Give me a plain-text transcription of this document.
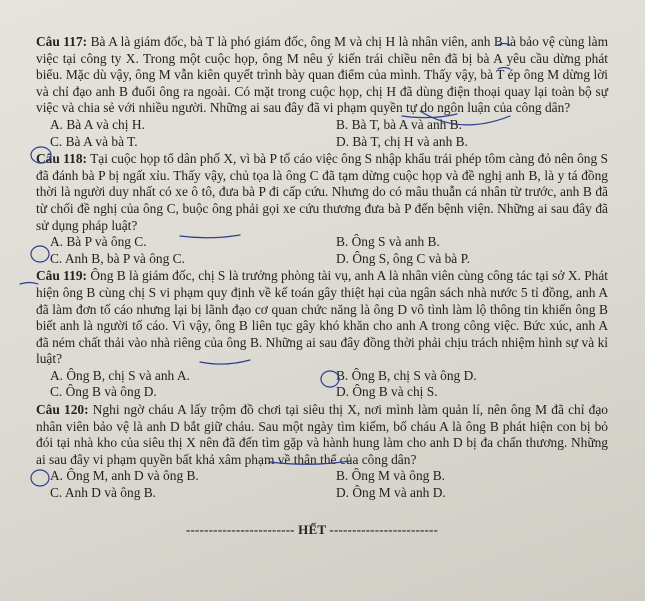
Câu 117: Bà A là giám đốc, bà T là phó giám đốc, ông M và chị H là nhân viên, anh B là bảo vệ cùng làm việc tại công ty X. Trong một cuộc họp, ông M nêu ý kiến trái chiều nên đã bị bà A yêu cầu dừng phát biểu. Mặc dù vậy, ông M vẫn kiên quyết trình bày quan điểm của mình. Thấy vậy, bà T ép ông M dừng lời và chỉ đạo anh B đuổi ông ra ngoài. Có mặt trong cuộc họp, chị H đã dùng điện thoại quay lại toàn bộ sự việc và chia sẻ với nhiều người. Những ai sau đây đã vi phạm quyền tự do ngôn luận của công dân?

A. Bà A và chị H.	B. Bà T, bà A và anh B.
C. Bà A và bà T.	D. Bà T, chị H và anh B.

Câu 118: Tại cuộc họp tổ dân phố X, vì bà P tố cáo việc ông S nhập khẩu trái phép tôm càng đỏ nên ông S đã đánh bà P bị ngất xỉu. Thấy vậy, chủ tọa là ông C đã tạm dừng cuộc họp và đề nghị anh B, là y tá đồng thời là người duy nhất có xe ô tô, đưa bà P đi cấp cứu. Nhưng do có mâu thuẫn cá nhân từ trước, anh B đã từ chối đề nghị của ông C, buộc ông phải gọi xe cứu thương đưa bà P đến bệnh viện. Những ai sau đây đã sử dụng pháp luật?

A. Bà P và ông C.	B. Ông S và anh B.
C. Anh B, bà P và ông C.	D. Ông S, ông C và bà P.

Câu 119: Ông B là giám đốc, chị S là trưởng phòng tài vụ, anh A là nhân viên cùng công tác tại sở X. Phát hiện ông B cùng chị S vi phạm quy định về kế toán gây thiệt hại của ngân sách nhà nước 5 tỉ đồng, anh A đã làm đơn tố cáo nhưng lại bị lãnh đạo cơ quan chức năng là ông D vô tình làm lộ thông tin khiến ông B biết anh là người tố cáo. Vì vậy, ông B liên tục gây khó khăn cho anh A trong công việc. Bức xúc, anh A đã ném chất thải vào nhà riêng của ông B. Những ai sau đây đồng thời phải chịu trách nhiệm hình sự và kỉ luật?

A. Ông B, chị S và anh A.	B. Ông B, chị S và ông D.
C. Ông B và ông D.	D. Ông B và chị S.

Câu 120: Nghi ngờ cháu A lấy trộm đồ chơi tại siêu thị X, nơi mình làm quản lí, nên ông M đã chỉ đạo nhân viên bảo vệ là anh D bắt giữ cháu. Sau một ngày tìm kiếm, bố cháu A là ông B phát hiện con bị bỏ đói tại nhà kho của siêu thị X nên đã đến tìm gặp và hành hung làm cho anh D bị đa chấn thương. Những ai sau đây vi phạm quyền bất khả xâm phạm về thân thể của công dân?

A. Ông M, anh D và ông B.	B. Ông M và ông B.
C. Anh D và ông B.	D. Ông M và anh D.
------------------------ HẾT ------------------------
